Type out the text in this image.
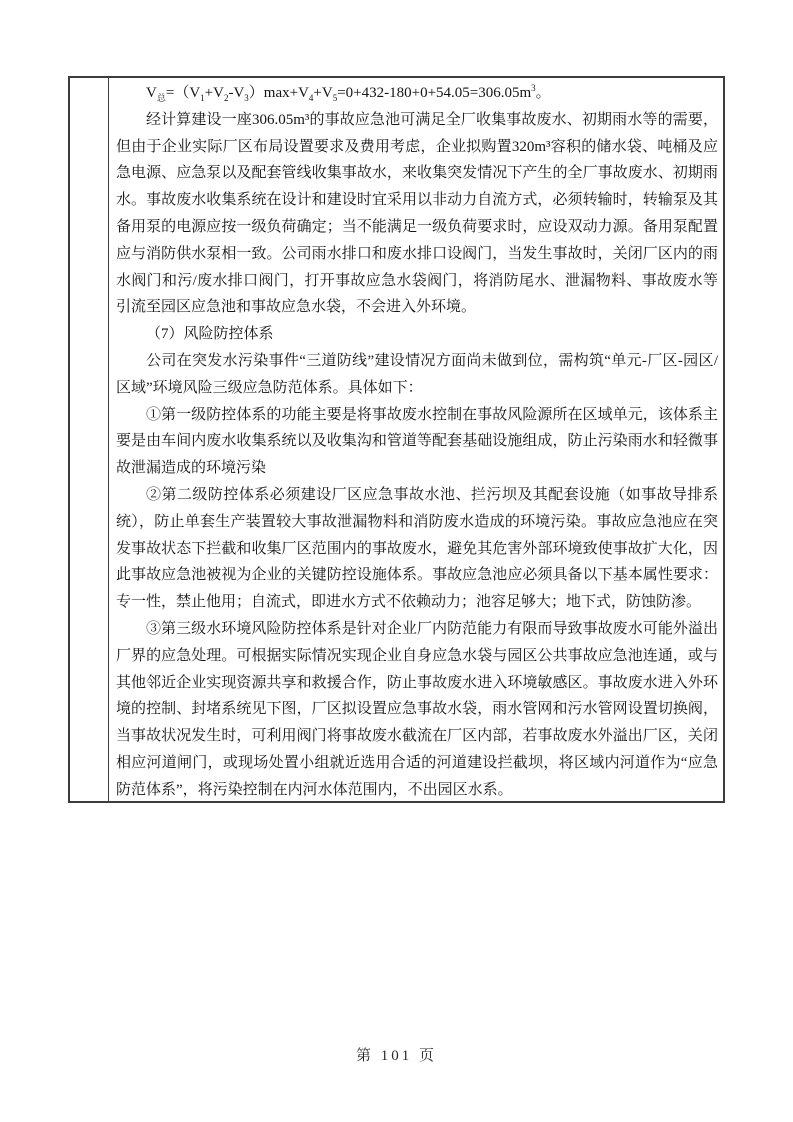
$V_总=(V_1+V_2-V_3)\max+V_4+V_5=0+432-180+0+54.05=306.05m^3$。

经计算建设一座306.05m³的事故应急池可满足全厂收集事故废水、初期雨水等的需要，但由于企业实际厂区布局设置要求及费用考虑，企业拟购置320m³容积的储水袋、吨桶及应急电源、应急泵以及配套管线收集事故水，来收集突发情况下产生的全厂事故废水、初期雨水。事故废水收集系统在设计和建设时宜采用以非动力自流方式，必须转输时，转输泵及其备用泵的电源应按一级负荷确定；当不能满足一级负荷要求时，应设双动力源。备用泵配置应与消防供水泵相一致。公司雨水排口和废水排口设阀门，当发生事故时，关闭厂区内的雨水阀门和污/废水排口阀门，打开事故应急水袋阀门，将消防尾水、泄漏物料、事故废水等引流至园区应急池和事故应急水袋，不会进入外环境。

（7）风险防控体系

公司在突发水污染事件“三道防线”建设情况方面尚未做到位，需构筑“单元-厂区-园区/区域”环境风险三级应急防范体系。具体如下：

①第一级防控体系的功能主要是将事故废水控制在事故风险源所在区域单元，该体系主要是由车间内废水收集系统以及收集沟和管道等配套基础设施组成，防止污染雨水和轻微事故泄漏造成的环境污染

②第二级防控体系必须建设厂区应急事故水池、拦污坝及其配套设施（如事故导排系统），防止单套生产装置较大事故泄漏物料和消防废水造成的环境污染。事故应急池应在突发事故状态下拦截和收集厂区范围内的事故废水，避免其危害外部环境致使事故扩大化，因此事故应急池被视为企业的关键防控设施体系。事故应急池应必须具备以下基本属性要求：专一性，禁止他用；自流式，即进水方式不依赖动力；池容足够大；地下式，防蚀防渗。

③第三级水环境风险防控体系是针对企业厂内防范能力有限而导致事故废水可能外溢出厂界的应急处理。可根据实际情况实现企业自身应急水袋与园区公共事故应急池连通，或与其他邻近企业实现资源共享和救援合作，防止事故废水进入环境敏感区。事故废水进入外环境的控制、封堵系统见下图，厂区拟设置应急事故水袋，雨水管网和污水管网设置切换阀，当事故状况发生时，可利用阀门将事故废水截流在厂区内部，若事故废水外溢出厂区，关闭相应河道闸门，或现场处置小组就近选用合适的河道建设拦截坝，将区域内河道作为“应急防范体系”，将污染控制在内河水体范围内，不出园区水系。

第 101 页
